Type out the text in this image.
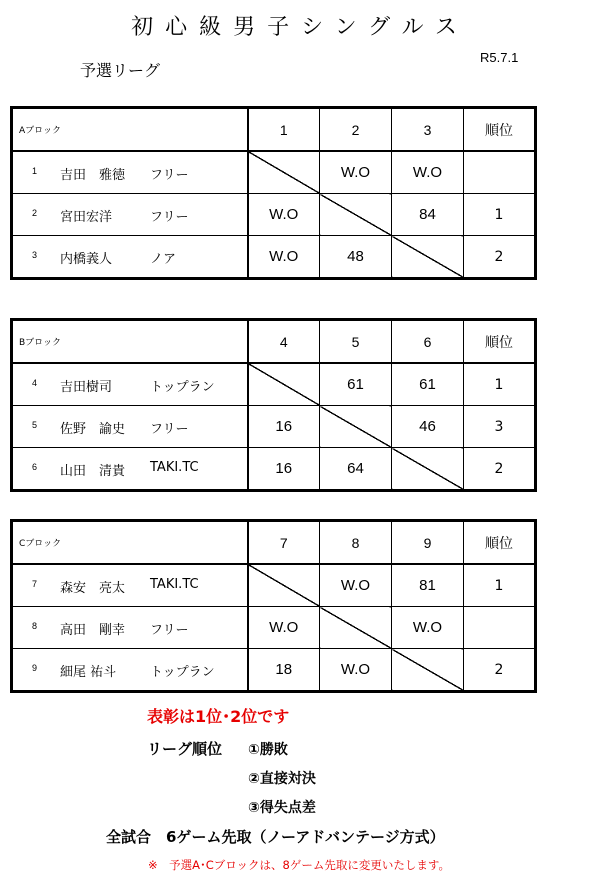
初心級男子シングルス
R5.7.1
予選リーグ
Aブロック	1	2	3	順位

1 吉田　雅徳 フリー		W.O	W.O	

2 宮田宏洋 フリー	W.O		84	1

3 内橋義人 ノア	W.O	48		2
Bブロック	4	5	6	順位

4 吉田樹司 トップラン		61	61	1

5 佐野　諭史 フリー	16		46	3

6 山田　清貴 TAKI.TC	16	64		2
Cブロック	7	8	9	順位

7 森安　亮太 TAKI.TC		W.O	81	1

8 高田　剛幸 フリー	W.O		W.O	

9 細尾 祐斗 トップラン	18	W.O		2
表彰は1位･2位です
リーグ順位 ①勝敗
②直接対決
③得失点差
全試合　6ゲーム先取（ノーアドバンテージ方式）
※　予選A･Cブロックは、8ゲーム先取に変更いたします。
